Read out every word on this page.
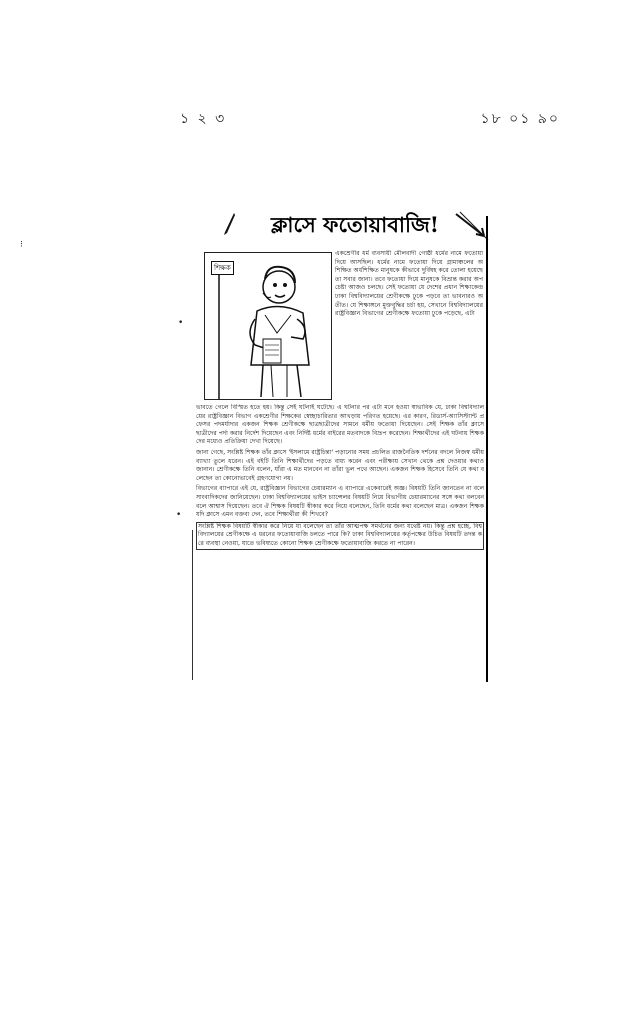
১ ২ ৩	১৮ ০১ ৯০
⁝
•
•
ক্লাসে ফতোয়াবাজি!
শিক্ষক
একশ্রেণীর ধর্ম ব্যবসায়ী মৌলবাদী গোষ্ঠী ধর্মের নামে ফতোয়া দিয়ে আসছিল। ধর্মের নামে ফতোয়া দিয়ে গ্রামাঞ্চলের অশিক্ষিত অর্ধশিক্ষিত মানুষকে কীভাবে দুর্বিষহ করে তোলা হয়েছে তা সবার জানা। তবে ফতোয়া দিয়ে মানুষকে বিভ্রান্ত করার অপচেষ্টা আজও চলছে। সেই ফতোয়া যে দেশের প্রধান শিক্ষাকেন্দ্র ঢাকা বিশ্ববিদ্যালয়ের শ্রেণীকক্ষে ঢুকে পড়বে তা ভাবনারও অতীত। যে শিক্ষাঙ্গনে মুক্তবুদ্ধির চর্চা হয়, সেখানে বিশ্ববিদ্যালয়ের রাষ্ট্রবিজ্ঞান বিভাগের শ্রেণীকক্ষে ফতোয়া ঢুকে পড়েছে, এটা

ভাবতে গেলে বিস্মিত হতে হয়। কিন্তু সেই ঘটনাই ঘটেছে। এ ঘটনার পর এটা মনে হওয়া স্বাভাবিক যে, ঢাকা বিশ্ববিদ্যালয়ের রাষ্ট্রবিজ্ঞান বিভাগ একশ্রেণীর শিক্ষকের স্বেচ্ছাচারিতার আখড়ায় পরিণত হয়েছে। এর কারণ, রিডার্স-অ্যাসিস্ট্যান্ট প্রফেসর পদমর্যাদার একজন শিক্ষক শ্রেণীকক্ষে ছাত্রছাত্রীদের সামনে ধর্মীয় ফতোয়া দিয়েছেন। সেই শিক্ষক তাঁর ক্লাসে ছাত্রীদের পর্দা করার নির্দেশ দিয়েছেন এবং নির্দিষ্ট ধর্মের বাইরের মতবাদকে বিদ্রূপ করেছেন। শিক্ষার্থীদের এই ঘটনায় শিক্ষকদের মধ্যেও প্রতিক্রিয়া দেখা দিয়েছে।

জানা গেছে, সংশ্লিষ্ট শিক্ষক তাঁর ক্লাসে 'ইসলামে রাষ্ট্রচিন্তা' পড়ানোর সময় প্রচলিত রাজনৈতিক দর্শনের বদলে নিজস্ব ধর্মীয় ব্যাখ্যা তুলে ধরেন। এই বইটি তিনি শিক্ষার্থীদের পড়তে বাধ্য করেন এবং পরীক্ষায় সেখান থেকে প্রশ্ন দেওয়ার কথাও জানান। শ্রেণীকক্ষে তিনি বলেন, যাঁরা এ মত মানবেন না তাঁরা ভুল পথে আছেন। একজন শিক্ষক হিসেবে তিনি যে কথা বলেছেন তা কোনোভাবেই গ্রহণযোগ্য নয়।

বিভাগের ব্যাপারে এই যে, রাষ্ট্রবিজ্ঞান বিভাগের চেয়ারম্যান এ ব্যাপারে একেবারেই অজ্ঞ। বিষয়টি তিনি জানতেন না বলে সাংবাদিকদের জানিয়েছেন। ঢাকা বিশ্ববিদ্যালয়ের ভাইস চ্যান্সেলর বিষয়টি নিয়ে বিভাগীয় চেয়ারম্যানের সঙ্গে কথা বলবেন বলে আশ্বাস দিয়েছেন। তবে ঐ শিক্ষক বিষয়টি স্বীকার করে নিয়ে বলেছেন, তিনি ধর্মের কথা বলেছেন মাত্র। একজন শিক্ষক যদি ক্লাসে এমন বক্তব্য দেন, তবে শিক্ষার্থীরা কী শিখবে?

সংশ্লিষ্ট শিক্ষক বিষয়টি স্বীকার করে নিয়ে যা বলেছেন তা তাঁর আত্মপক্ষ সমর্থনের জন্য যথেষ্ট নয়। কিন্তু প্রশ্ন হচ্ছে, বিশ্ববিদ্যালয়ের শ্রেণীকক্ষে এ ধরনের ফতোয়াবাজি চলতে পারে কি? ঢাকা বিশ্ববিদ্যালয়ের কর্তৃপক্ষের উচিত বিষয়টি তদন্ত করে ব্যবস্থা নেওয়া, যাতে ভবিষ্যতে কোনো শিক্ষক শ্রেণীকক্ষে ফতোয়াবাজি করতে না পারেন।
